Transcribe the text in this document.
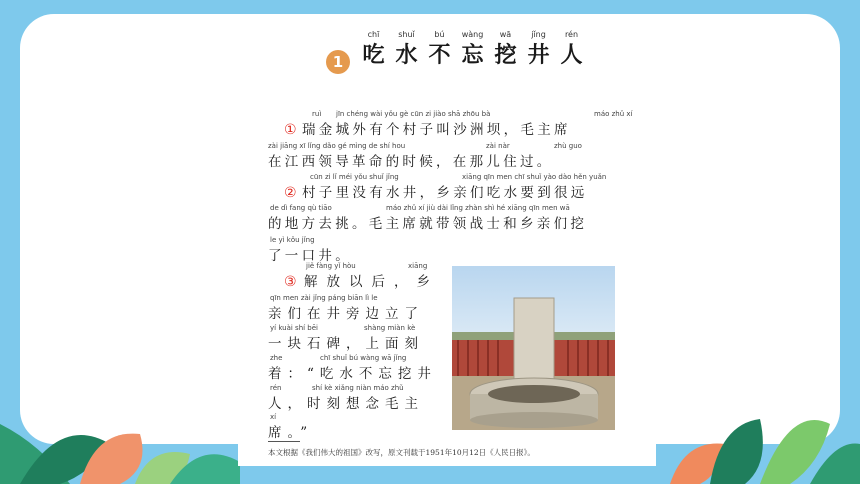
1
chī
吃
shuǐ
水
bú
不
wàng
忘
wā
挖
jǐng
井
rén
人
①
ruì jīn chéng wài yǒu gè cūn zi jiào shā zhōu bà	máo zhǔ xí
瑞金城外有个村子叫沙洲坝，毛主席
zài jiāng xī lǐng dǎo gé mìng de shí hou	zài nàr	zhù guo
在江西领导革命的时候，在那儿住过。
②
cūn zi lǐ méi yǒu shuǐ jǐng	xiāng qīn men chī shuǐ yào dào hěn yuǎn
村子里没有水井，乡亲们吃水要到很远
de dì fang qù tiāo	máo zhǔ xí jiù dài lǐng zhàn shì hé xiāng qīn men wā
的地方去挑。毛主席就带领战士和乡亲们挖
le yì kǒu jǐng
了一口井。
③
jiě fàng yǐ hòu	xiāng
解放以后，乡
qīn men zài jǐng páng biān lì le
亲们在井旁边立了
yí kuài shí bēi	shàng miàn kè
一块石碑，上面刻
zhe	chī shuǐ bú wàng wā jǐng
着：“吃水不忘挖井
rén	shí kè xiǎng niàn máo zhǔ
人，时刻想念毛主
xí
席。”
本文根据《我们伟大的祖国》改写，原文刊载于1951年10月12日《人民日报》。
